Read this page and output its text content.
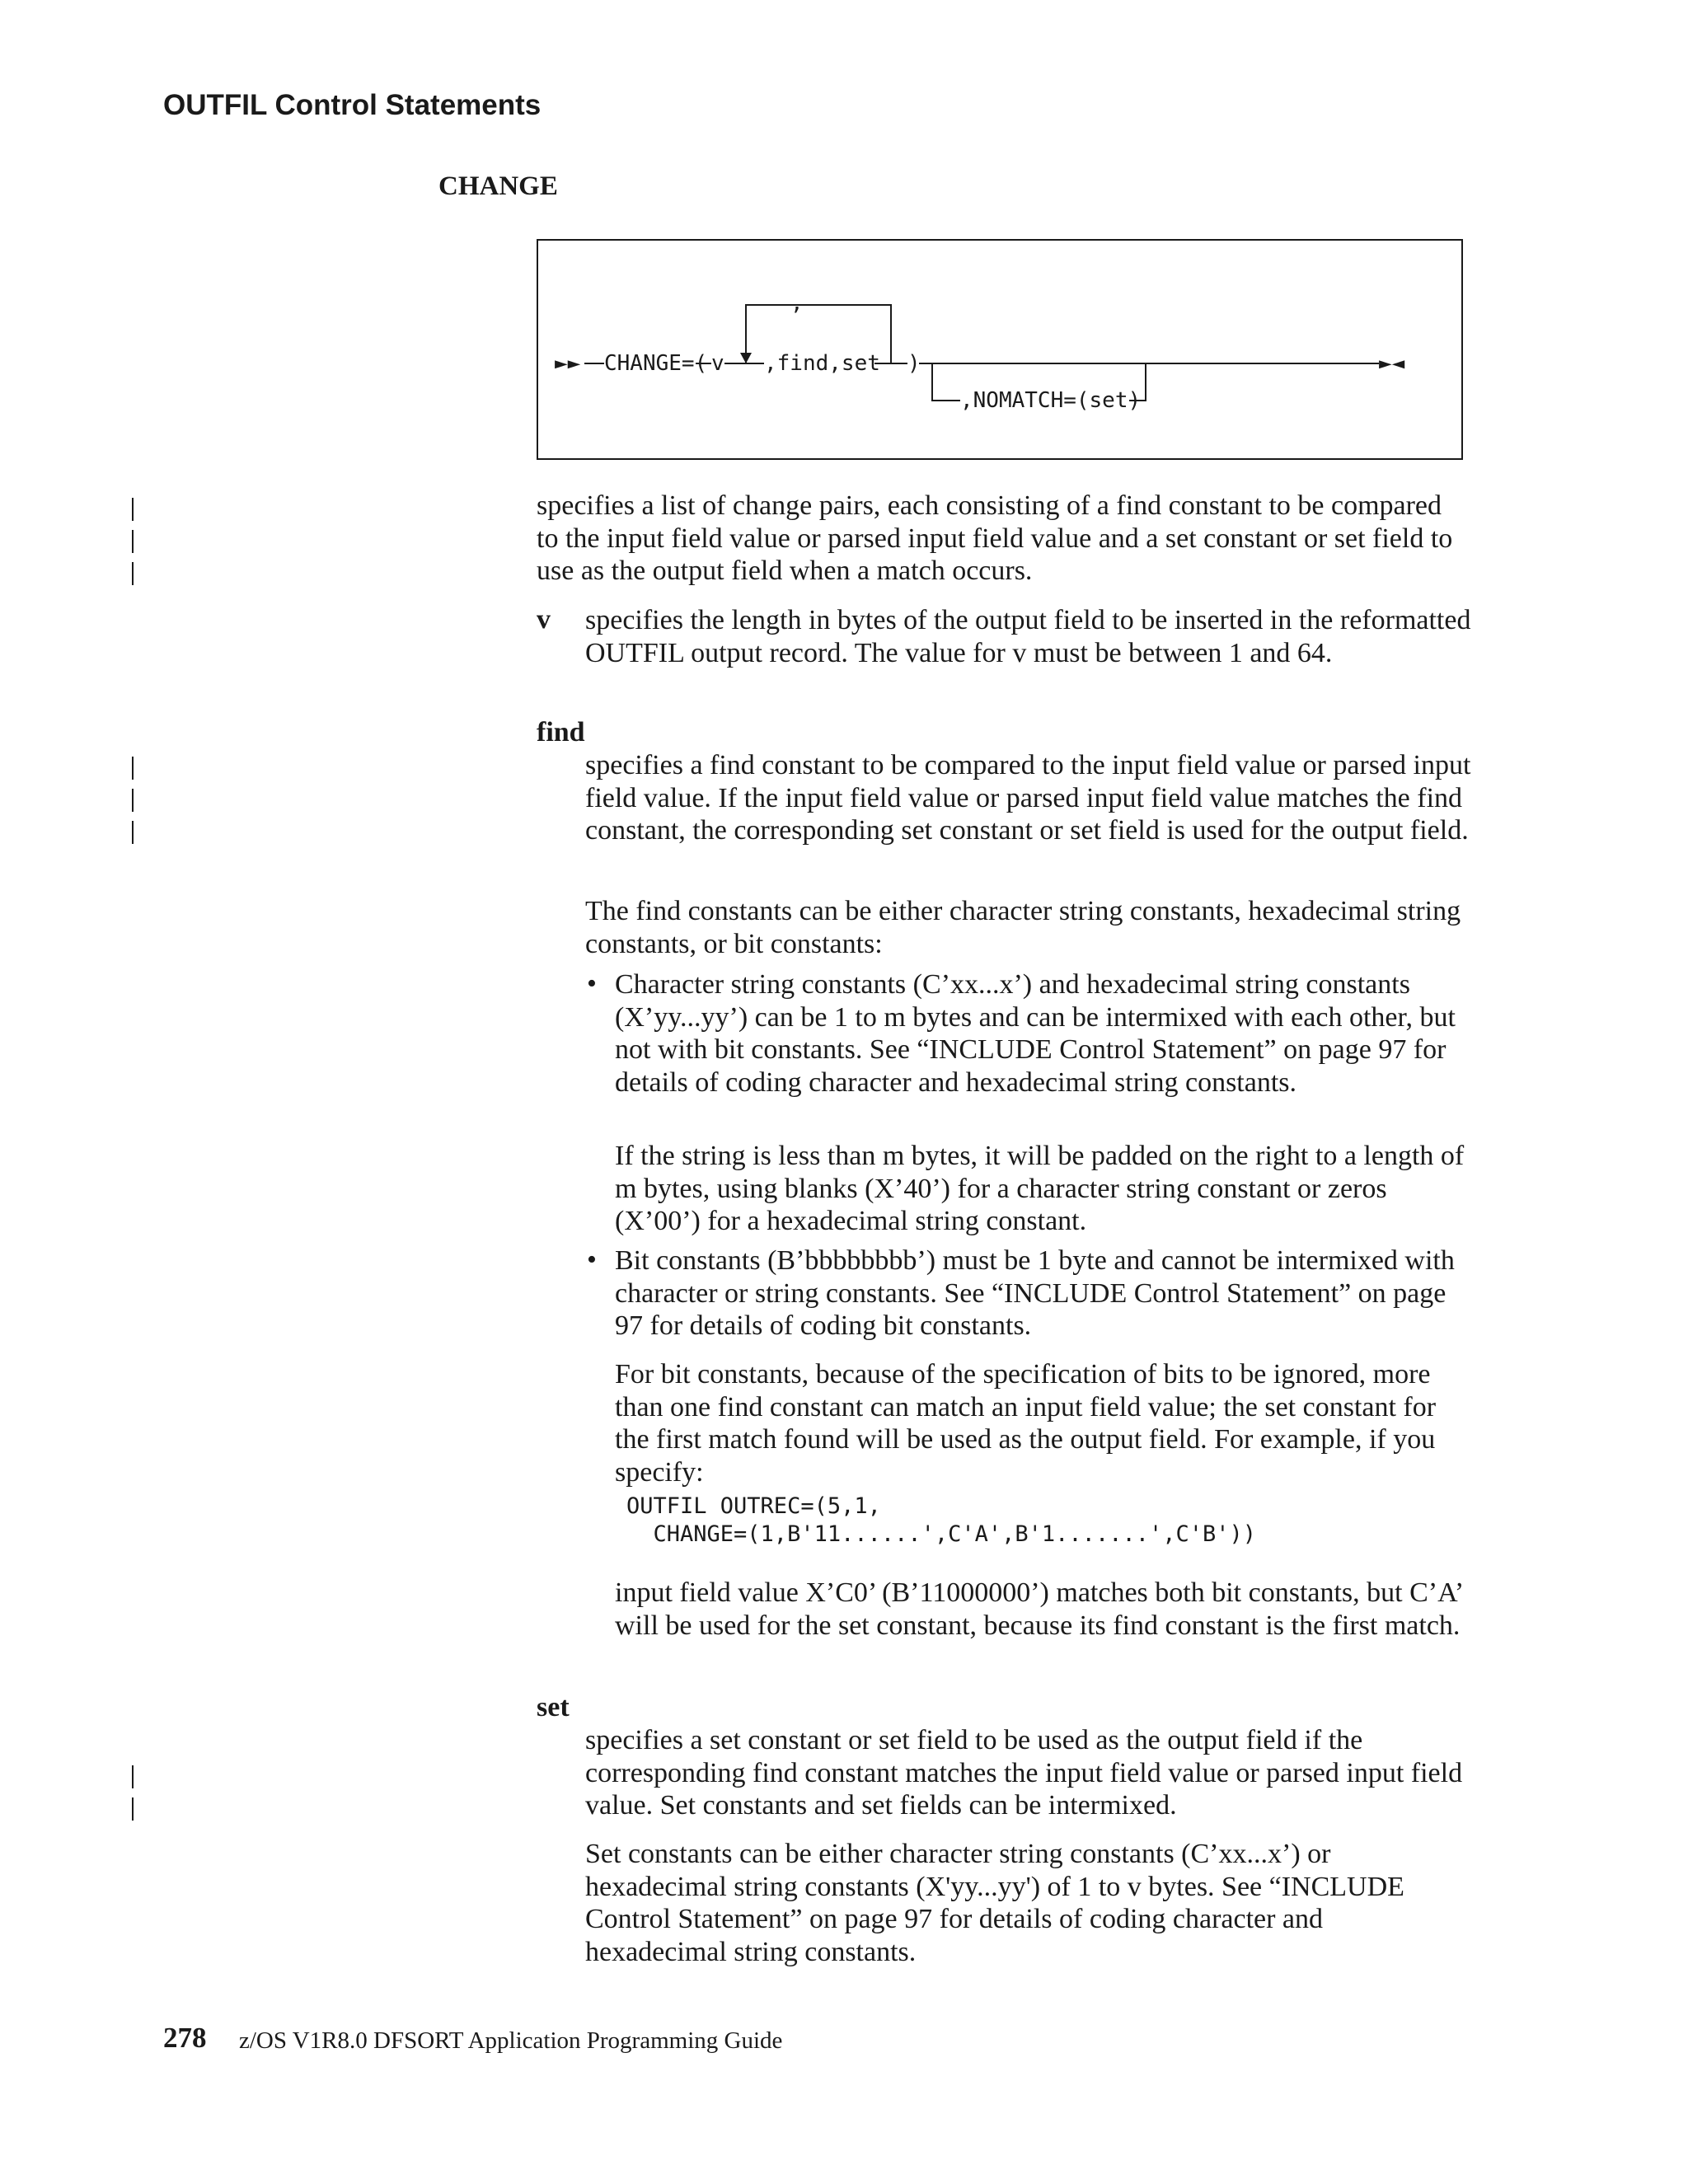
OUTFIL Control Statements
CHANGE
►► CHANGE=( v ,find,set
,
)
,NOMATCH=(set)
►◄

specifies a list of change pairs, each consisting of a find constant to be compared to the input field value or parsed input field value and a set constant or set field to use as the output field when a match occurs.

v specifies the length in bytes of the output field to be inserted in the reformatted OUTFIL output record. The value for v must be between 1 and 64.

find

specifies a find constant to be compared to the input field value or parsed input field value. If the input field value or parsed input field value matches the find constant, the corresponding set constant or set field is used for the output field.

The find constants can be either character string constants, hexadecimal string constants, or bit constants:

• Character string constants (C’xx...x’) and hexadecimal string constants (X’yy...yy’) can be 1 to m bytes and can be intermixed with each other, but not with bit constants. See “INCLUDE Control Statement” on page 97 for details of coding character and hexadecimal string constants.

If the string is less than m bytes, it will be padded on the right to a length of m bytes, using blanks (X’40’) for a character string constant or zeros (X’00’) for a hexadecimal string constant.

• Bit constants (B’bbbbbbbb’) must be 1 byte and cannot be intermixed with character or string constants. See “INCLUDE Control Statement” on page 97 for details of coding bit constants.

For bit constants, because of the specification of bits to be ignored, more than one find constant can match an input field value; the set constant for the first match found will be used as the output field. For example, if you specify:

OUTFIL OUTREC=(5,1,
CHANGE=(1,B'11......',C'A',B'1.......',C'B'))

input field value X’C0’ (B’11000000’) matches both bit constants, but C’A’ will be used for the set constant, because its find constant is the first match.

set

specifies a set constant or set field to be used as the output field if the corresponding find constant matches the input field value or parsed input field value. Set constants and set fields can be intermixed.

Set constants can be either character string constants (C’xx...x’) or hexadecimal string constants (X'yy...yy') of 1 to v bytes. See “INCLUDE Control Statement” on page 97 for details of coding character and hexadecimal string constants.

278 z/OS V1R8.0 DFSORT Application Programming Guide
